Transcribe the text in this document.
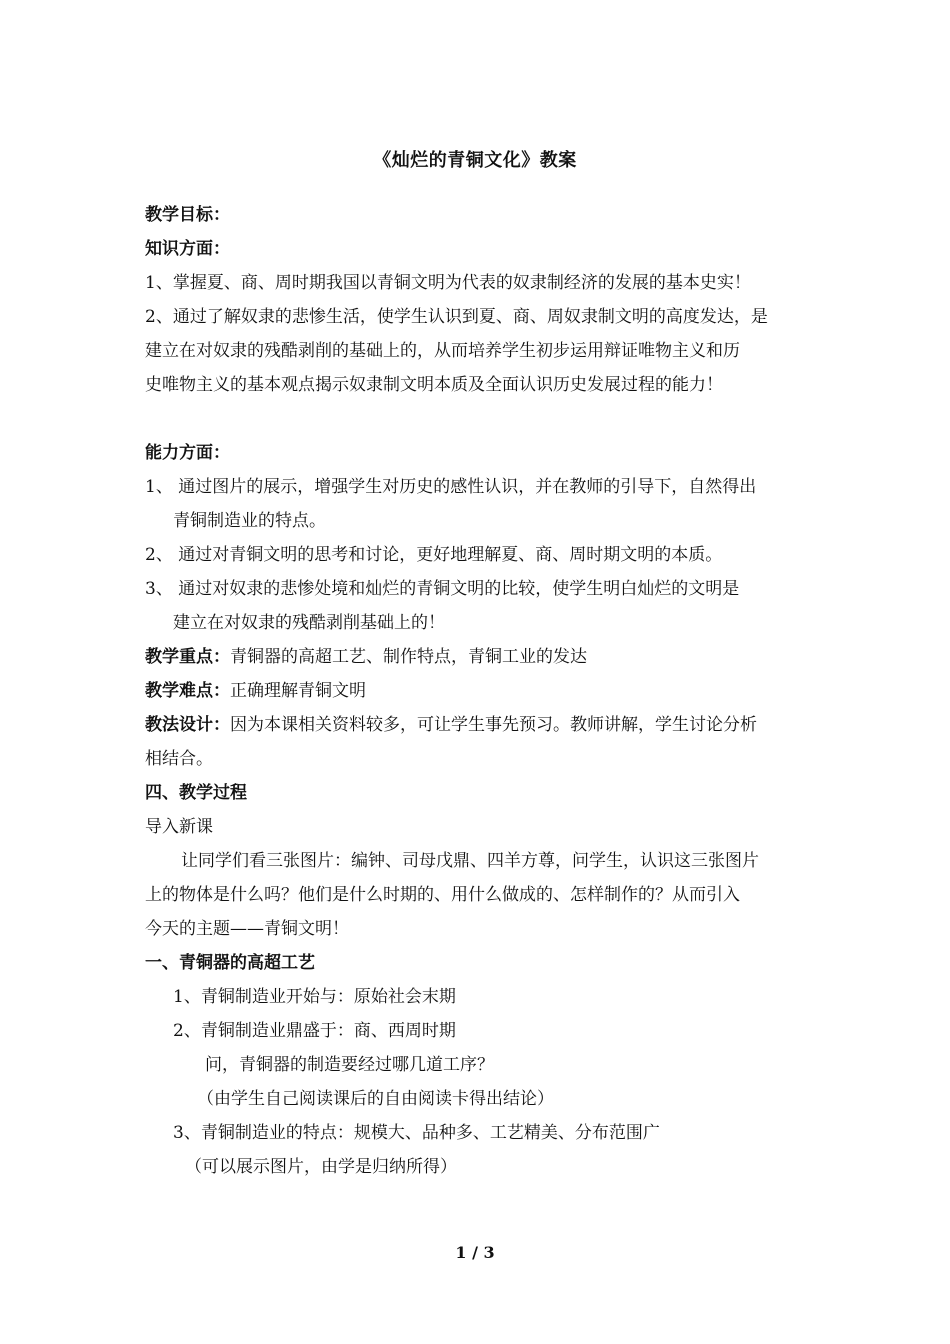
《灿烂的青铜文化》教案
教学目标：
知识方面：
1、掌握夏、商、周时期我国以青铜文明为代表的奴隶制经济的发展的基本史实！
2、通过了解奴隶的悲惨生活，使学生认识到夏、商、周奴隶制文明的高度发达，是
建立在对奴隶的残酷剥削的基础上的，从而培养学生初步运用辩证唯物主义和历
史唯物主义的基本观点揭示奴隶制文明本质及全面认识历史发展过程的能力！
能力方面：
1、 通过图片的展示，增强学生对历史的感性认识，并在教师的引导下，自然得出
青铜制造业的特点。
2、 通过对青铜文明的思考和讨论，更好地理解夏、商、周时期文明的本质。
3、 通过对奴隶的悲惨处境和灿烂的青铜文明的比较，使学生明白灿烂的文明是
建立在对奴隶的残酷剥削基础上的！
教学重点：青铜器的高超工艺、制作特点，青铜工业的发达
教学难点：正确理解青铜文明
教法设计：因为本课相关资料较多，可让学生事先预习。教师讲解，学生讨论分析
相结合。
四、教学过程
导入新课
让同学们看三张图片：编钟、司母戊鼎、四羊方尊，问学生，认识这三张图片
上的物体是什么吗？他们是什么时期的、用什么做成的、怎样制作的？从而引入
今天的主题——青铜文明！
一、青铜器的高超工艺
1、青铜制造业开始与：原始社会末期
2、青铜制造业鼎盛于：商、西周时期
问，青铜器的制造要经过哪几道工序？
（由学生自己阅读课后的自由阅读卡得出结论）
3、青铜制造业的特点：规模大、品种多、工艺精美、分布范围广
（可以展示图片，由学是归纳所得）
1 / 3
